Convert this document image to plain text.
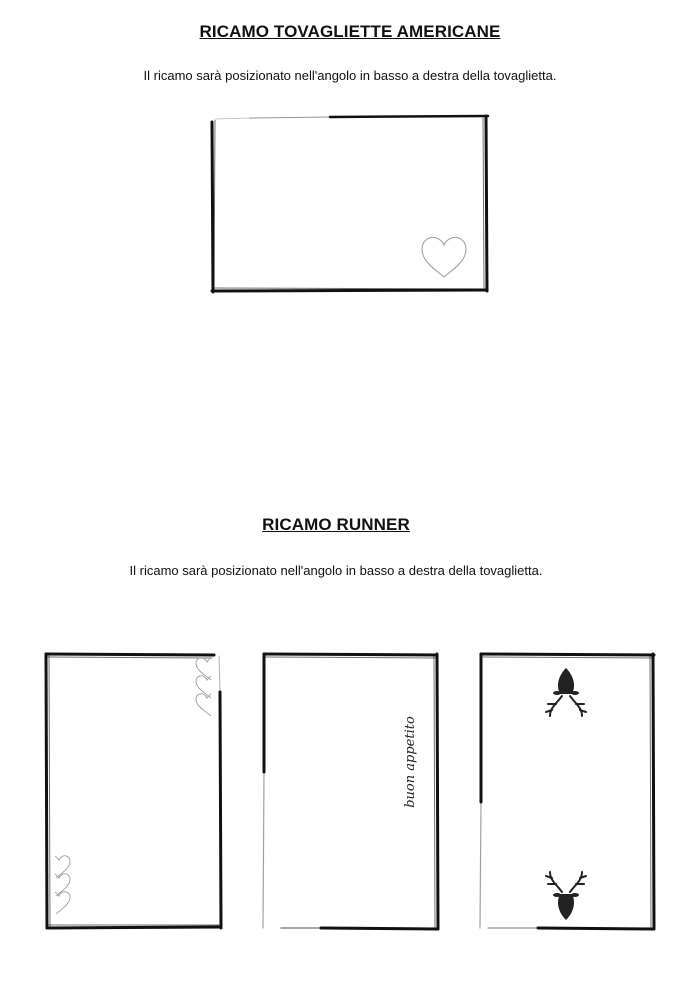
RICAMO TOVAGLIETTE AMERICANE
Il ricamo sarà posizionato nell'angolo in basso a destra della tovaglietta.
RICAMO RUNNER
Il ricamo sarà posizionato nell'angolo in basso a destra della tovaglietta.
buon appetito
